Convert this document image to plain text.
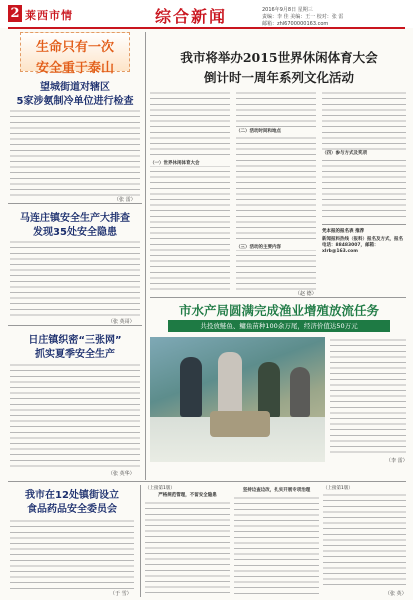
2 莱西市情	综合新闻	2016年9月8日 星期三
责编：李 佳 美编：王一 校对：张 雷
邮箱：zhl6700000163.com
生命只有一次
安全重于泰山
望城街道对辖区
5家涉氨制冷单位进行检查
（张 雷）
马连庄镇安全生产大排查
发现35处安全隐患
（张 英哥）
日庄镇织密“三张网”
抓实夏季安全生产
（张 英华）
我市将举办2015世界休闲体育大会
倒计时一周年系列文化活动
（一）世界休闲体育大会
（二）活动时间和地点
（三）活动的主要内容
（四）参与方式及奖项
凭本报的报名表 推荐
新闻报料热线（报料）报名及方式，报名电话：88483007，邮箱：xlrb@163.com
（赵 德）
市水产局圆满完成渔业增殖放流任务
共投放鲢鱼、鳙鱼苗种100余万尾，经济价值达50万元
（李 雷）
我市在12处镇街设立
食品药品安全委员会
（于 雪）
（上接第1版）
严格规范管理，不留安全隐患
坚持边查边改，扎实开展专项治理	（上接第1版）
（张 英）
